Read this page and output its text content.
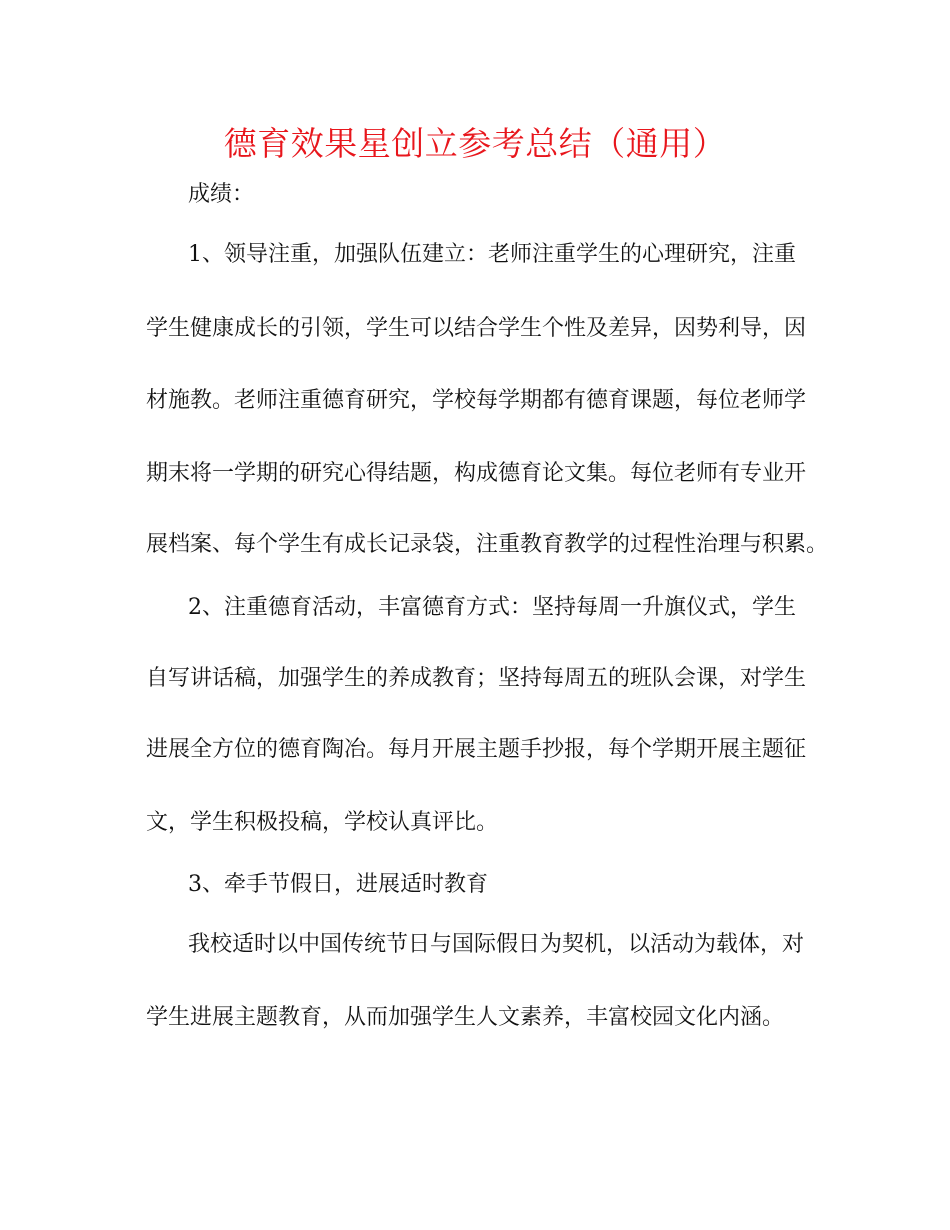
德育效果星创立参考总结（通用）
成绩：
1、领导注重，加强队伍建立：老师注重学生的心理研究，注重
学生健康成长的引领，学生可以结合学生个性及差异，因势利导，因
材施教。老师注重德育研究，学校每学期都有德育课题，每位老师学
期末将一学期的研究心得结题，构成德育论文集。每位老师有专业开
展档案、每个学生有成长记录袋，注重教育教学的过程性治理与积累。
2、注重德育活动，丰富德育方式：坚持每周一升旗仪式，学生
自写讲话稿，加强学生的养成教育；坚持每周五的班队会课，对学生
进展全方位的德育陶冶。每月开展主题手抄报，每个学期开展主题征
文，学生积极投稿，学校认真评比。
3、牵手节假日，进展适时教育
我校适时以中国传统节日与国际假日为契机，以活动为载体，对
学生进展主题教育，从而加强学生人文素养，丰富校园文化内涵。
